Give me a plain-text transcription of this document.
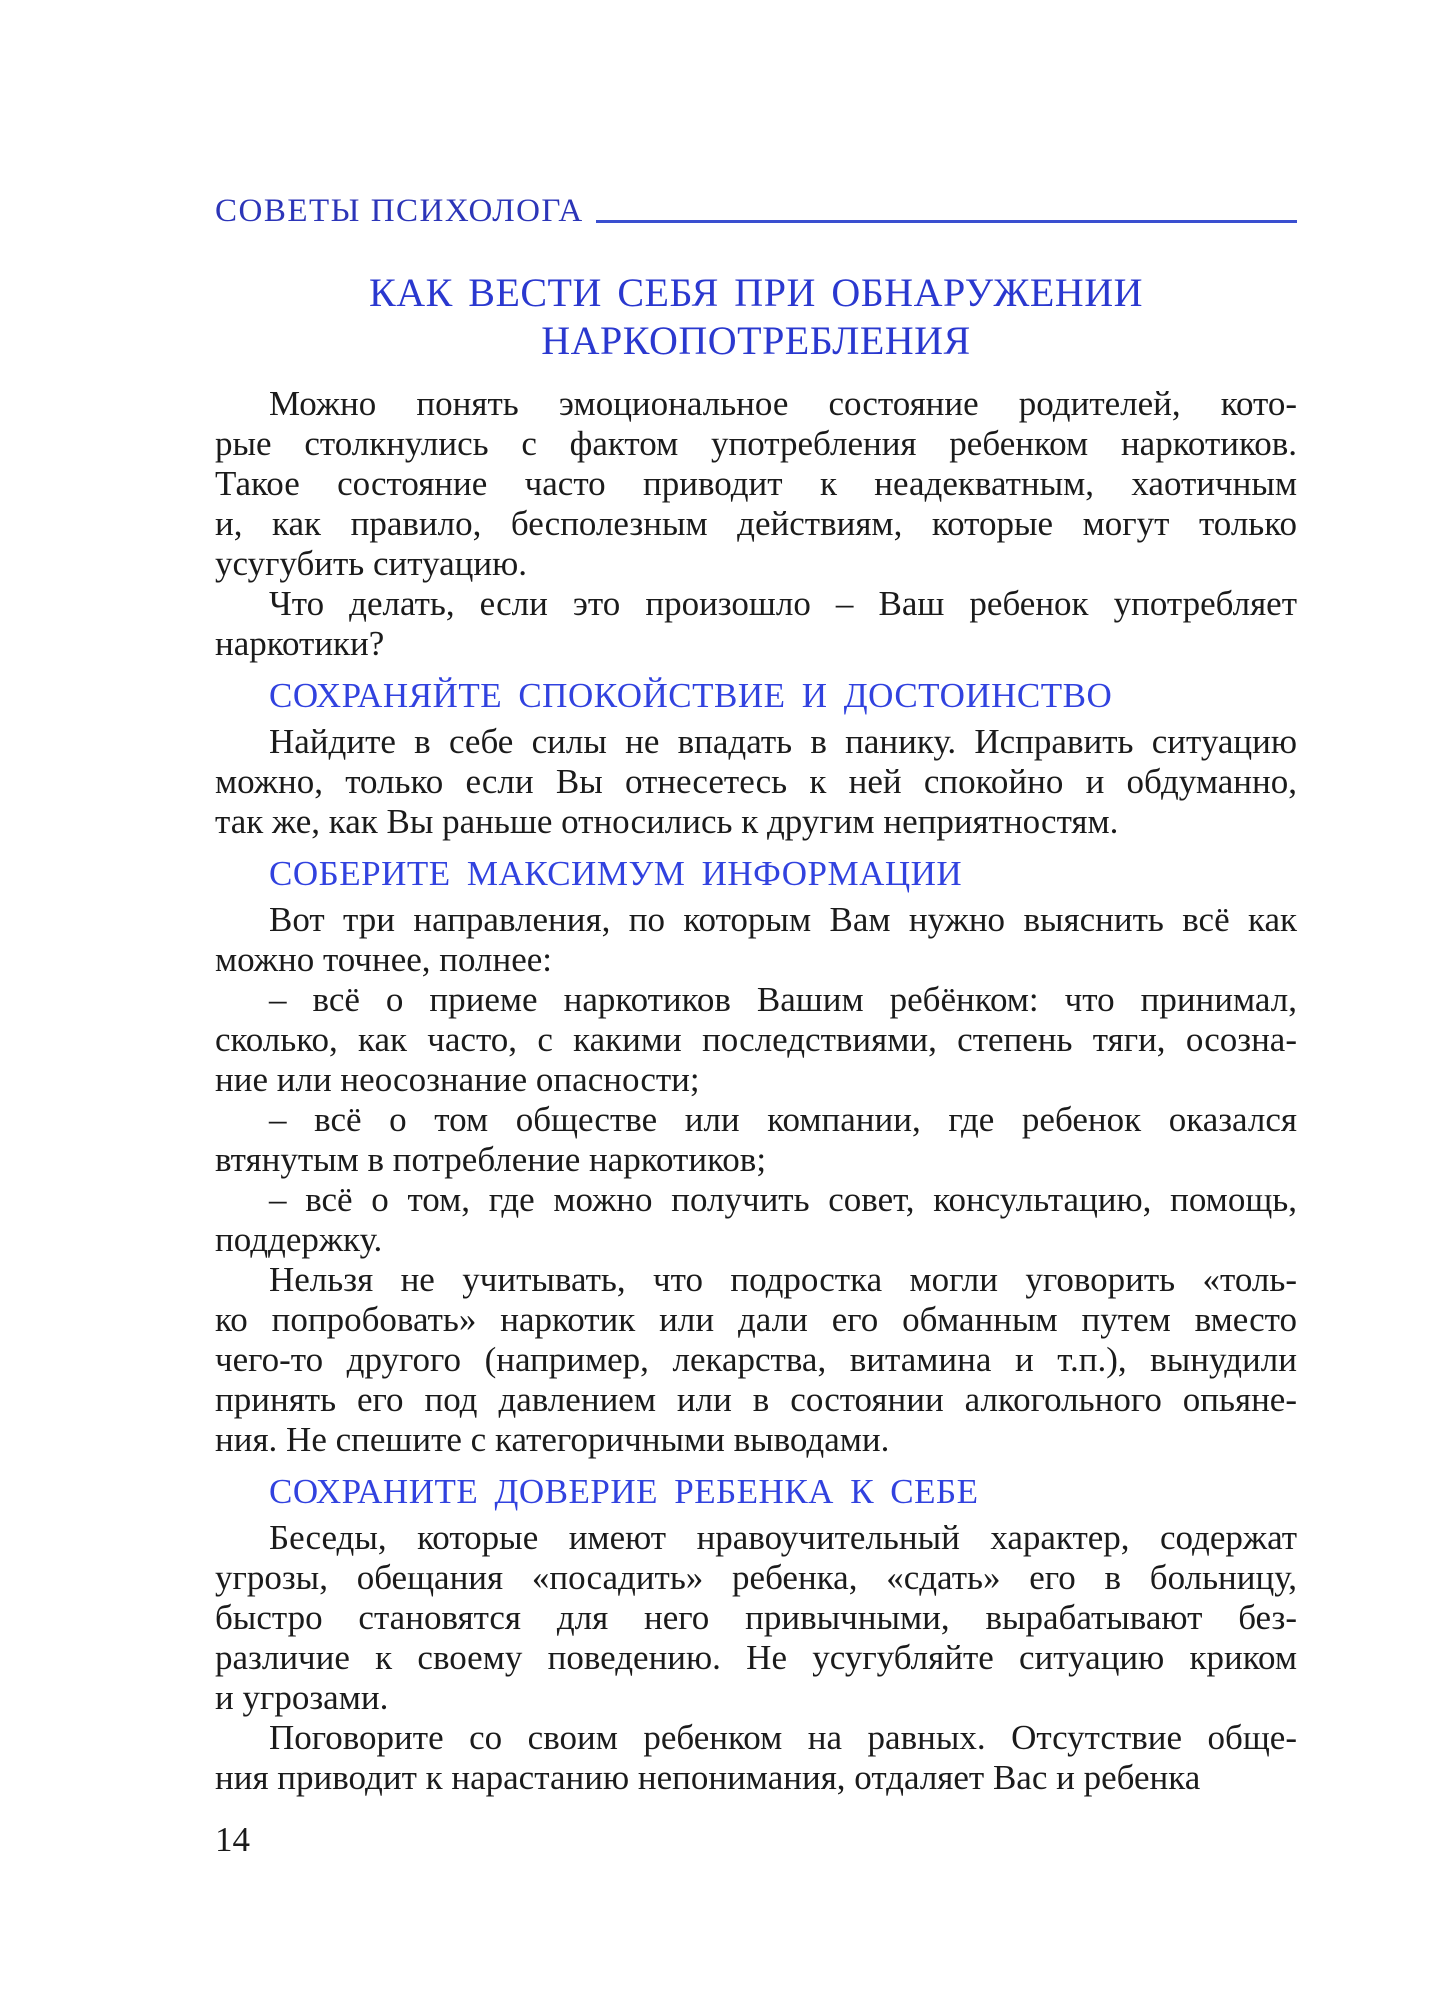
СОВЕТЫ ПСИХОЛОГА
КАК ВЕСТИ СЕБЯ ПРИ ОБНАРУЖЕНИИ
НАРКОПОТРЕБЛЕНИЯ
Можно понять эмоциональное состояние родителей, кото-
рые столкнулись с фактом употребления ребенком наркотиков.
Такое состояние часто приводит к неадекватным, хаотичным
и, как правило, бесполезным действиям, которые могут только
усугубить ситуацию.
Что делать, если это произошло – Ваш ребенок употребляет
наркотики?
СОХРАНЯЙТЕ СПОКОЙСТВИЕ И ДОСТОИНСТВО
Найдите в себе силы не впадать в панику. Исправить ситуацию
можно, только если Вы отнесетесь к ней спокойно и обдуманно,
так же, как Вы раньше относились к другим неприятностям.
СОБЕРИТЕ МАКСИМУМ ИНФОРМАЦИИ
Вот три направления, по которым Вам нужно выяснить всё как
можно точнее, полнее:
– всё о приеме наркотиков Вашим ребёнком: что принимал,
сколько, как часто, с какими последствиями, степень тяги, осозна-
ние или неосознание опасности;
– всё о том обществе или компании, где ребенок оказался
втянутым в потребление наркотиков;
– всё о том, где можно получить совет, консультацию, помощь,
поддержку.
Нельзя не учитывать, что подростка могли уговорить «толь-
ко попробовать» наркотик или дали его обманным путем вместо
чего-то другого (например, лекарства, витамина и т.п.), вынудили
принять его под давлением или в состоянии алкогольного опьяне-
ния. Не спешите с категоричными выводами.
СОХРАНИТЕ ДОВЕРИЕ РЕБЕНКА К СЕБЕ
Беседы, которые имеют нравоучительный характер, содержат
угрозы, обещания «посадить» ребенка, «сдать» его в больницу,
быстро становятся для него привычными, вырабатывают без-
различие к своему поведению. Не усугубляйте ситуацию криком
и угрозами.
Поговорите со своим ребенком на равных. Отсутствие обще-
ния приводит к нарастанию непонимания, отдаляет Вас и ребенка
14
